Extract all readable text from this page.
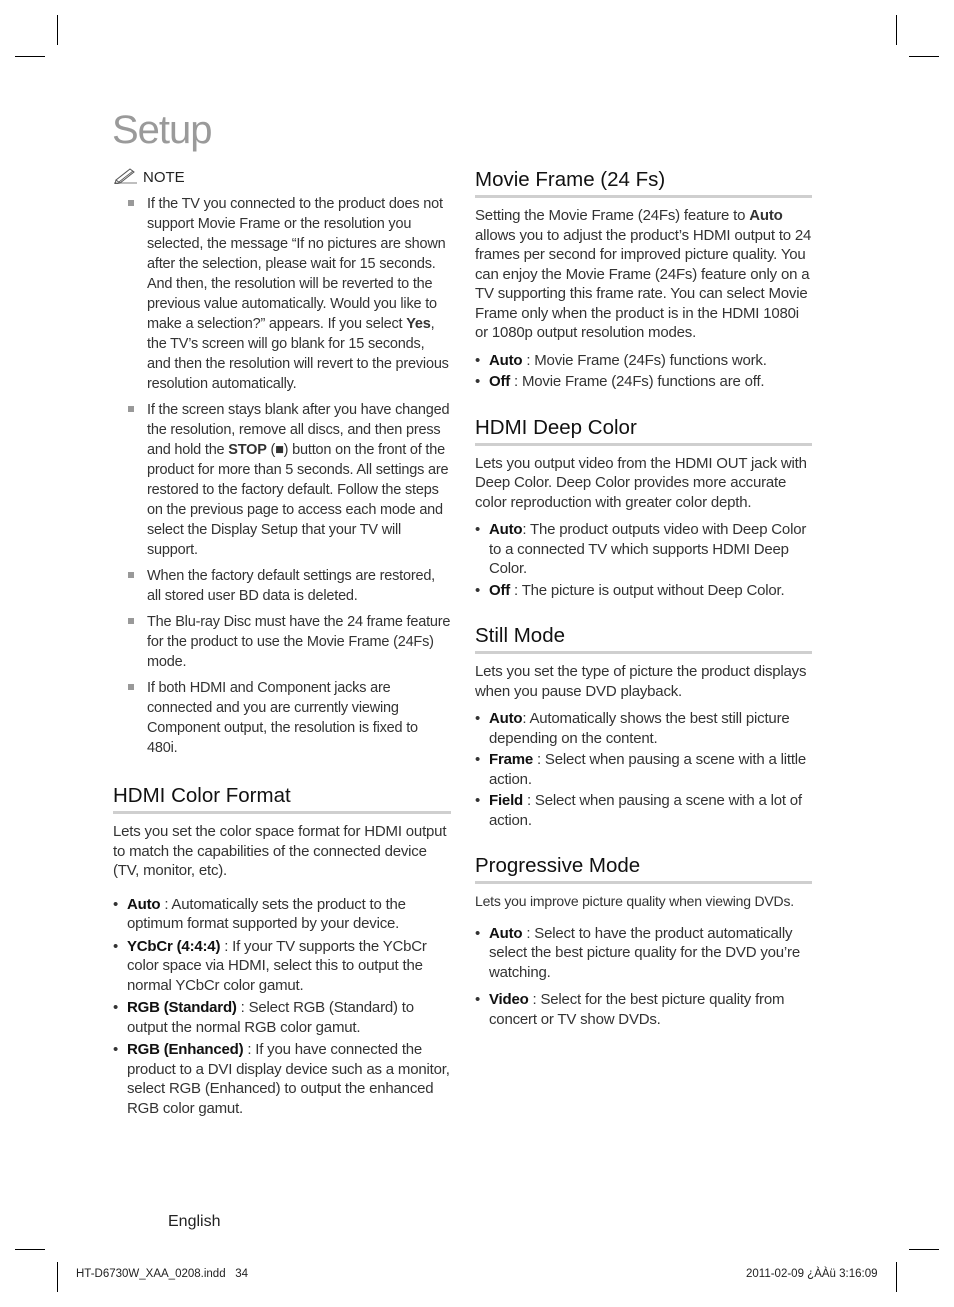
Setup
NOTE
If the TV you connected to the product does not support Movie Frame or the resolution you selected, the message “If no pictures are shown after the selection, please wait for 15 seconds. And then, the resolution will be reverted to the previous value automatically. Would you like to make a selection?” appears. If you select Yes, the TV’s screen will go blank for 15 seconds, and then the resolution will revert to the previous resolution automatically.
If the screen stays blank after you have changed the resolution, remove all discs, and then press and hold the STOP (■) button on the front of the product for more than 5 seconds. All settings are restored to the factory default. Follow the steps on the previous page to access each mode and select the Display Setup that your TV will support.
When the factory default settings are restored, all stored user BD data is deleted.
The Blu-ray Disc must have the 24 frame feature for the product to use the Movie Frame (24Fs) mode.
If both HDMI and Component jacks are connected and you are currently viewing Component output, the resolution is fixed to 480i.
HDMI Color Format

Lets you set the color space format for HDMI output to match the capabilities of the connected device (TV, monitor, etc).

• Auto : Automatically sets the product to the optimum format supported by your device.
• YCbCr (4:4:4) : If your TV supports the YCbCr color space via HDMI, select this to output the normal YCbCr color gamut.
• RGB (Standard) : Select RGB (Standard) to output the normal RGB color gamut.
• RGB (Enhanced) : If you have connected the product to a DVI display device such as a monitor, select RGB (Enhanced) to output the enhanced RGB color gamut.
Movie Frame (24 Fs)

Setting the Movie Frame (24Fs) feature to Auto allows you to adjust the product’s HDMI output to 24 frames per second for improved picture quality. You can enjoy the Movie Frame (24Fs) feature only on a TV supporting this frame rate. You can select Movie Frame only when the product is in the HDMI 1080i or 1080p output resolution modes.

• Auto : Movie Frame (24Fs) functions work.
• Off : Movie Frame (24Fs) functions are off.
HDMI Deep Color

Lets you output video from the HDMI OUT jack with Deep Color. Deep Color provides more accurate color reproduction with greater color depth.

• Auto: The product outputs video with Deep Color to a connected TV which supports HDMI Deep Color.
• Off : The picture is output without Deep Color.
Still Mode

Lets you set the type of picture the product displays when you pause DVD playback.

• Auto: Automatically shows the best still picture depending on the content.
• Frame : Select when pausing a scene with a little action.
• Field : Select when pausing a scene with a lot of action.
Progressive Mode

Lets you improve picture quality when viewing DVDs.

• Auto : Select to have the product automatically select the best picture quality for the DVD you’re watching.
• Video : Select for the best picture quality from concert or TV show DVDs.
English
HT-D6730W_XAA_0208.indd 34	2011-02-09 ¿ÀÀü 3:16:09
